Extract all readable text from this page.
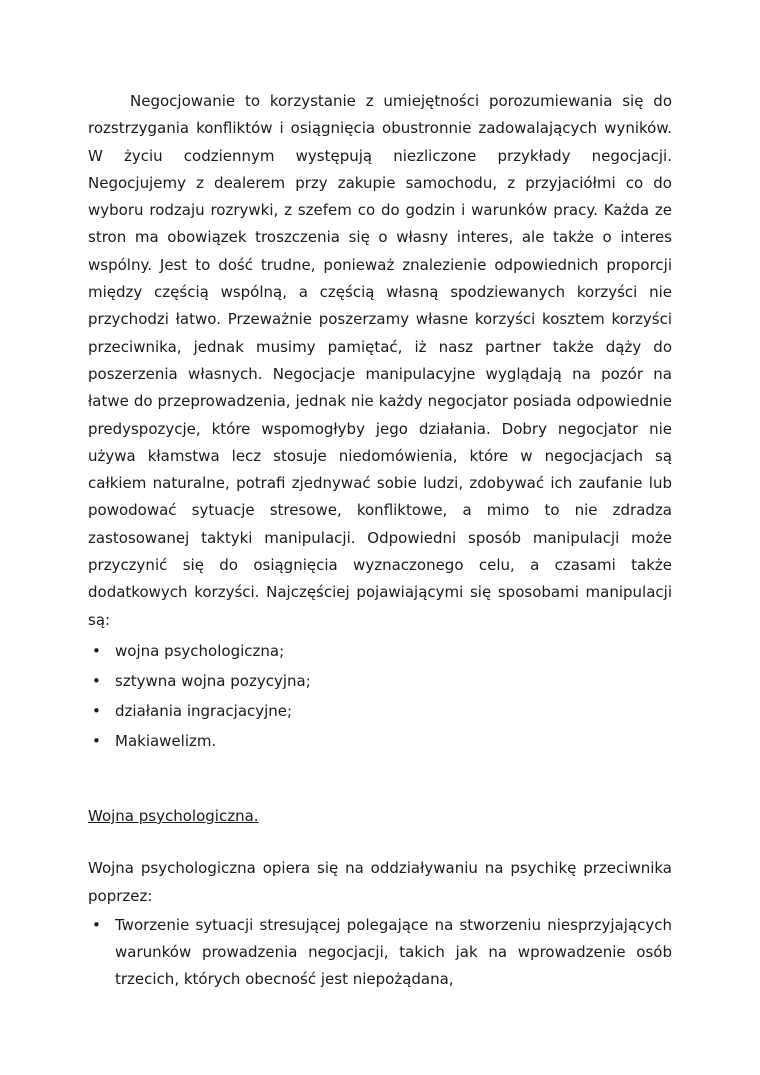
Negocjowanie to korzystanie z umiejętności porozumiewania się do rozstrzygania konfliktów i osiągnięcia obustronnie zadowalających wyników. W życiu codziennym występują niezliczone przykłady negocjacji. Negocjujemy z dealerem przy zakupie samochodu, z przyjaciółmi co do wyboru rodzaju rozrywki, z szefem co do godzin i warunków pracy. Każda ze stron ma obowiązek troszczenia się o własny interes, ale także o interes wspólny. Jest to dość trudne, ponieważ znalezienie odpowiednich proporcji między częścią wspólną, a częścią własną spodziewanych korzyści nie przychodzi łatwo. Przeważnie poszerzamy własne korzyści kosztem korzyści przeciwnika, jednak musimy pamiętać, iż nasz partner także dąży do poszerzenia własnych. Negocjacje manipulacyjne wyglądają na pozór na łatwe do przeprowadzenia, jednak nie każdy negocjator posiada odpowiednie predyspozycje, które wspomogłyby jego działania. Dobry negocjator nie używa kłamstwa lecz stosuje niedomówienia, które w negocjacjach są całkiem naturalne, potrafi zjednywać sobie ludzi, zdobywać ich zaufanie lub powodować sytuacje stresowe, konfliktowe, a mimo to nie zdradza zastosowanej taktyki manipulacji. Odpowiedni sposób manipulacji może przyczynić się do osiągnięcia wyznaczonego celu, a czasami także dodatkowych korzyści. Najczęściej pojawiającymi się sposobami manipulacji są:

• wojna psychologiczna;
• sztywna wojna pozycyjna;
• działania ingracjacyjne;
• Makiawelizm.
Wojna psychologiczna.

Wojna psychologiczna opiera się na oddziaływaniu na psychikę przeciwnika poprzez:

• Tworzenie sytuacji stresującej polegające na stworzeniu niesprzyjających warunków prowadzenia negocjacji, takich jak na wprowadzenie osób trzecich, których obecność jest niepożądana,
